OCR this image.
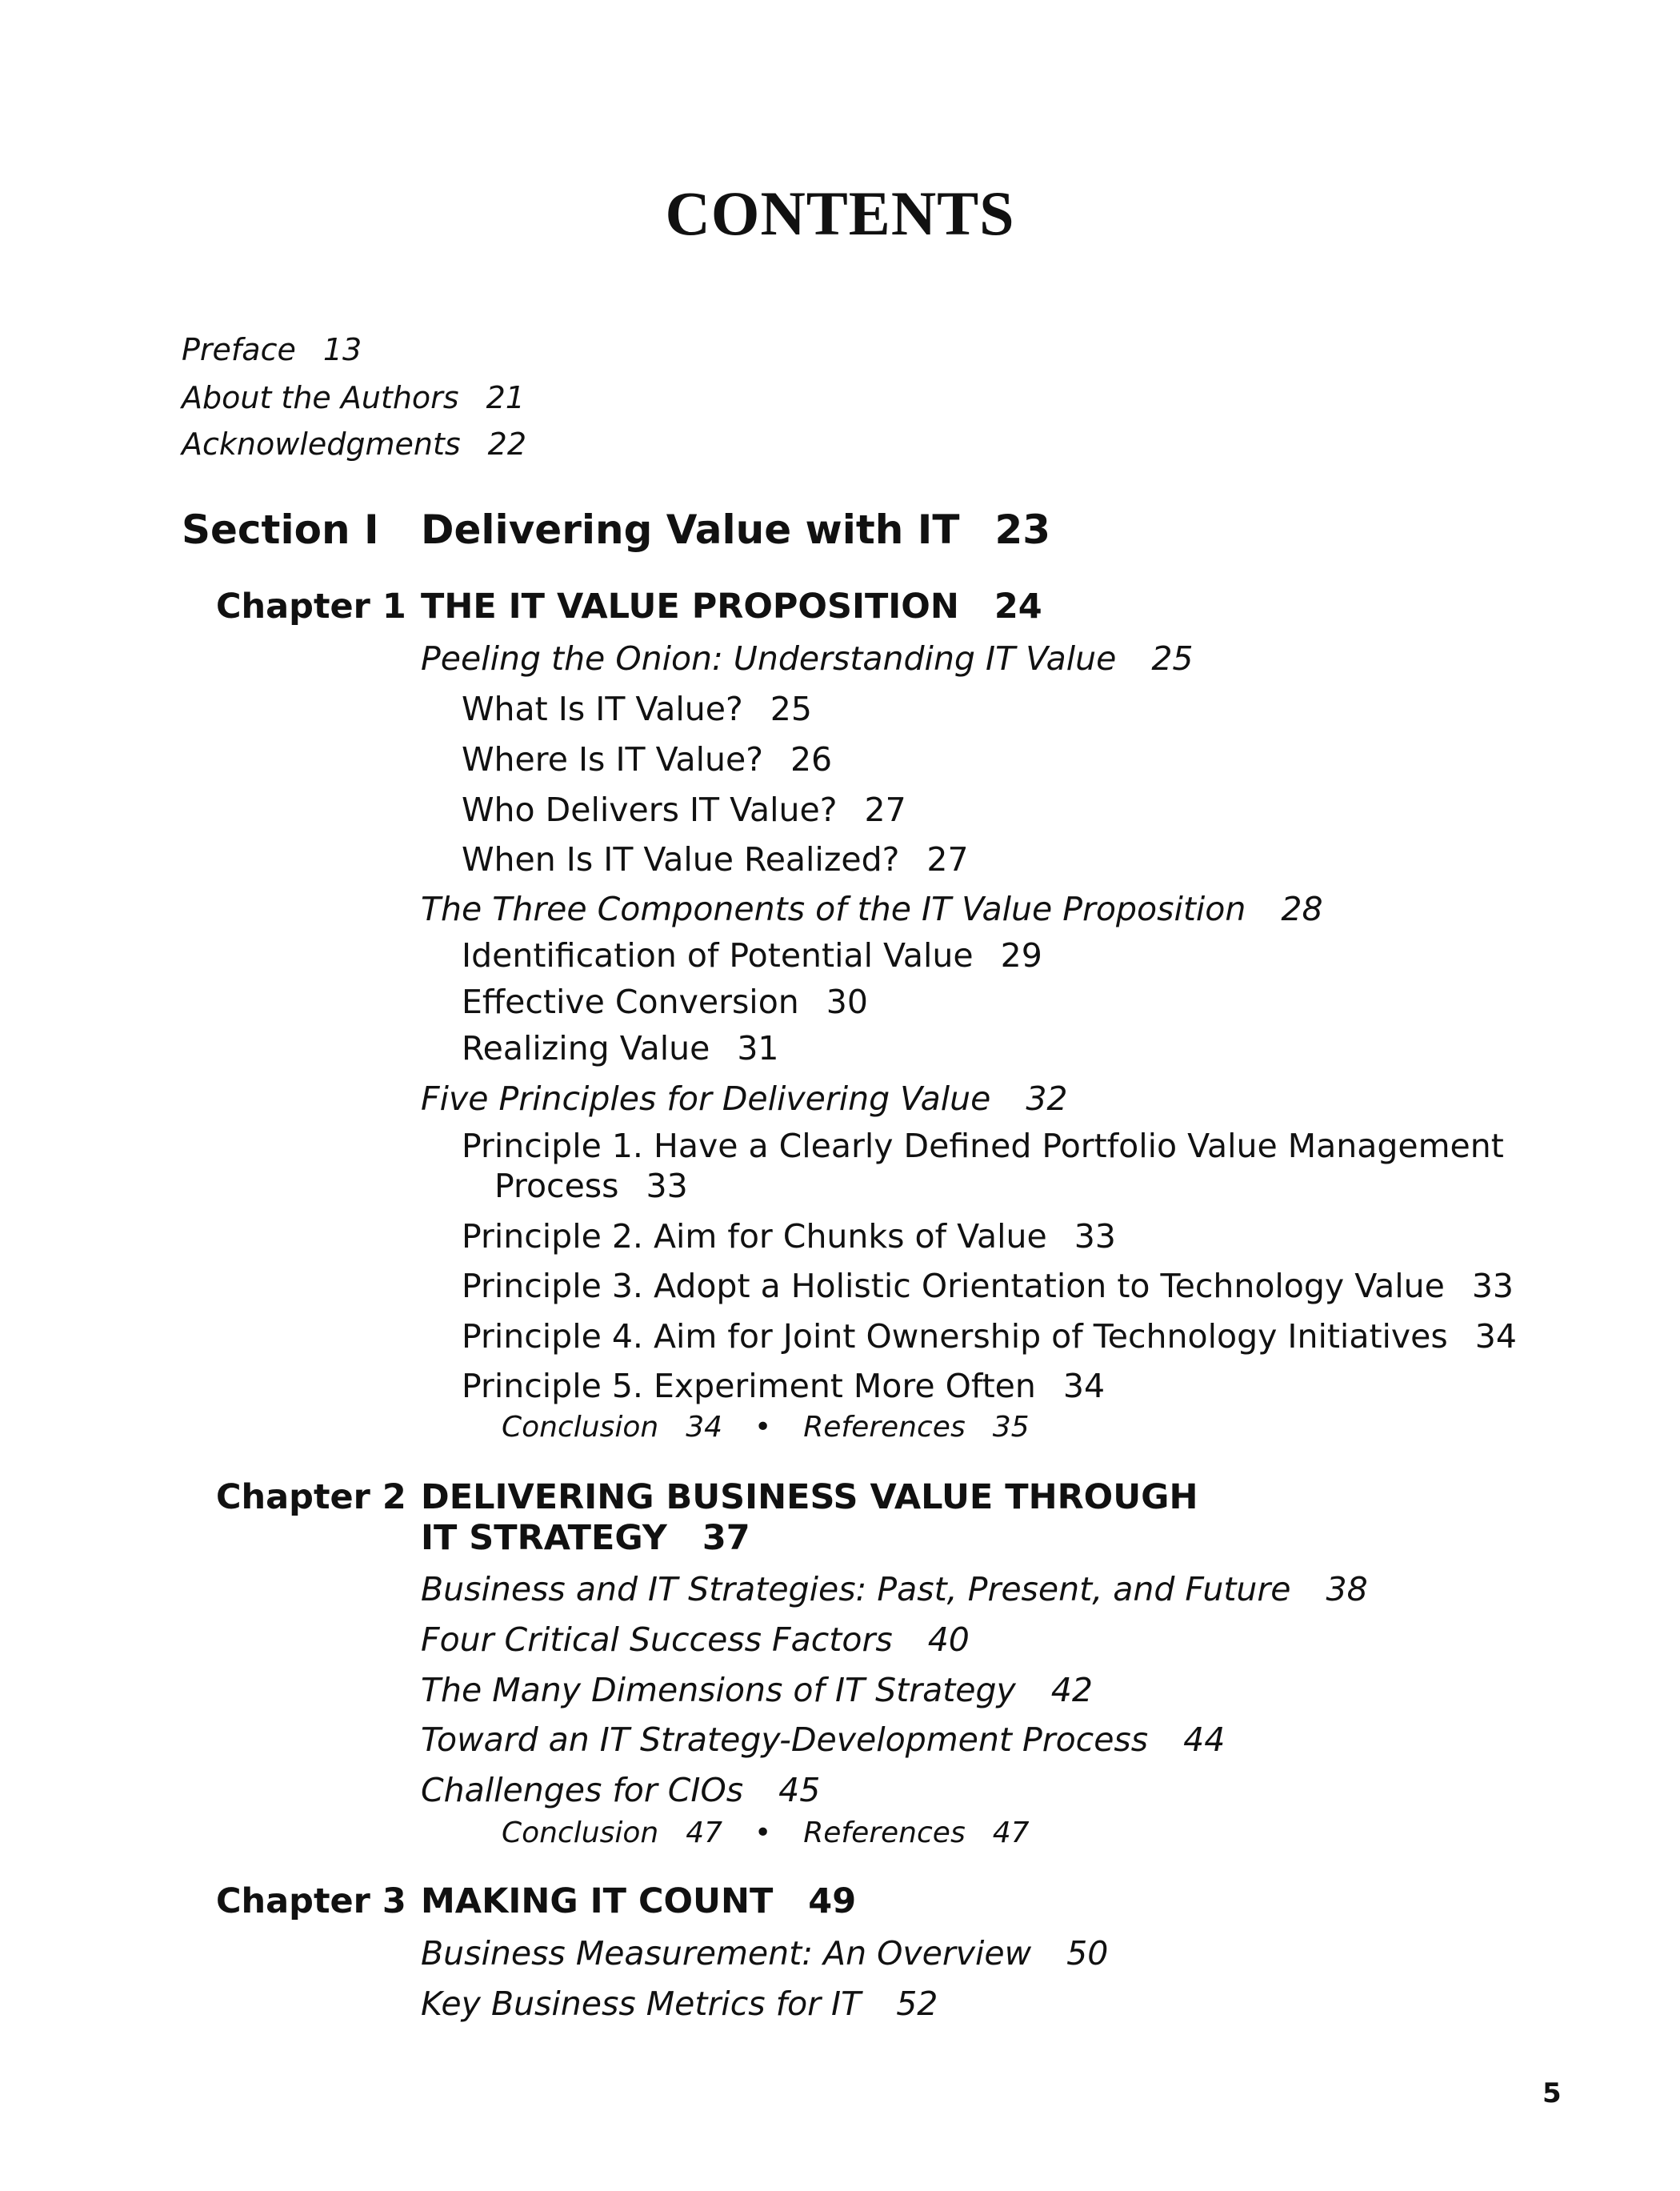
CONTENTS
Preface 13
About the Authors 21
Acknowledgments 22
Section I Delivering Value with IT 23
Chapter 1 THE IT VALUE PROPOSITION 24
Peeling the Onion: Understanding IT Value 25
What Is IT Value? 25
Where Is IT Value? 26
Who Delivers IT Value? 27
When Is IT Value Realized? 27
The Three Components of the IT Value Proposition 28
Identification of Potential Value 29
Effective Conversion 30
Realizing Value 31
Five Principles for Delivering Value 32
Principle 1. Have a Clearly Defined Portfolio Value Management
Process 33
Principle 2. Aim for Chunks of Value 33
Principle 3. Adopt a Holistic Orientation to Technology Value 33
Principle 4. Aim for Joint Ownership of Technology Initiatives 34
Principle 5. Experiment More Often 34
Conclusion 34 • References 35
Chapter 2 DELIVERING BUSINESS VALUE THROUGH
IT STRATEGY 37
Business and IT Strategies: Past, Present, and Future 38
Four Critical Success Factors 40
The Many Dimensions of IT Strategy 42
Toward an IT Strategy-Development Process 44
Challenges for CIOs 45
Conclusion 47 • References 47
Chapter 3 MAKING IT COUNT 49
Business Measurement: An Overview 50
Key Business Metrics for IT 52
5
